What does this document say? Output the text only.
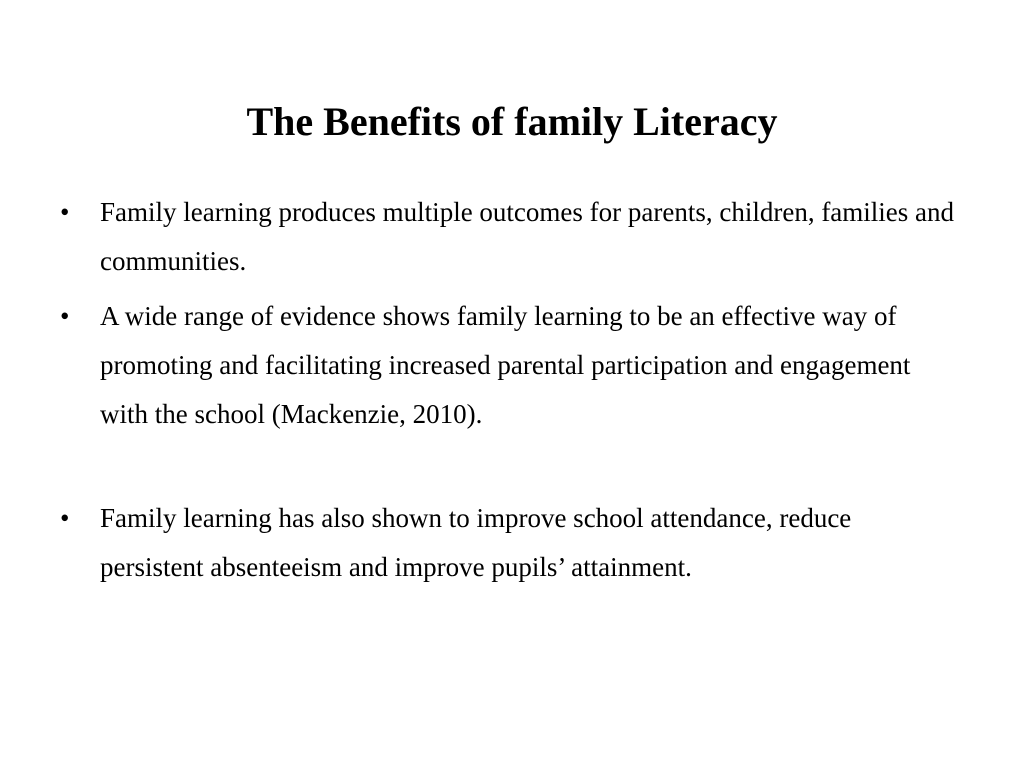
The Benefits of family Literacy
•	Family learning produces multiple outcomes for parents, children, families and communities.
•	A wide range of evidence shows family learning to be an effective way of promoting and facilitating increased parental participation and engagement with the school (Mackenzie, 2010).
•	Family learning has also shown to improve school attendance, reduce persistent absenteeism and improve pupils’ attainment.
